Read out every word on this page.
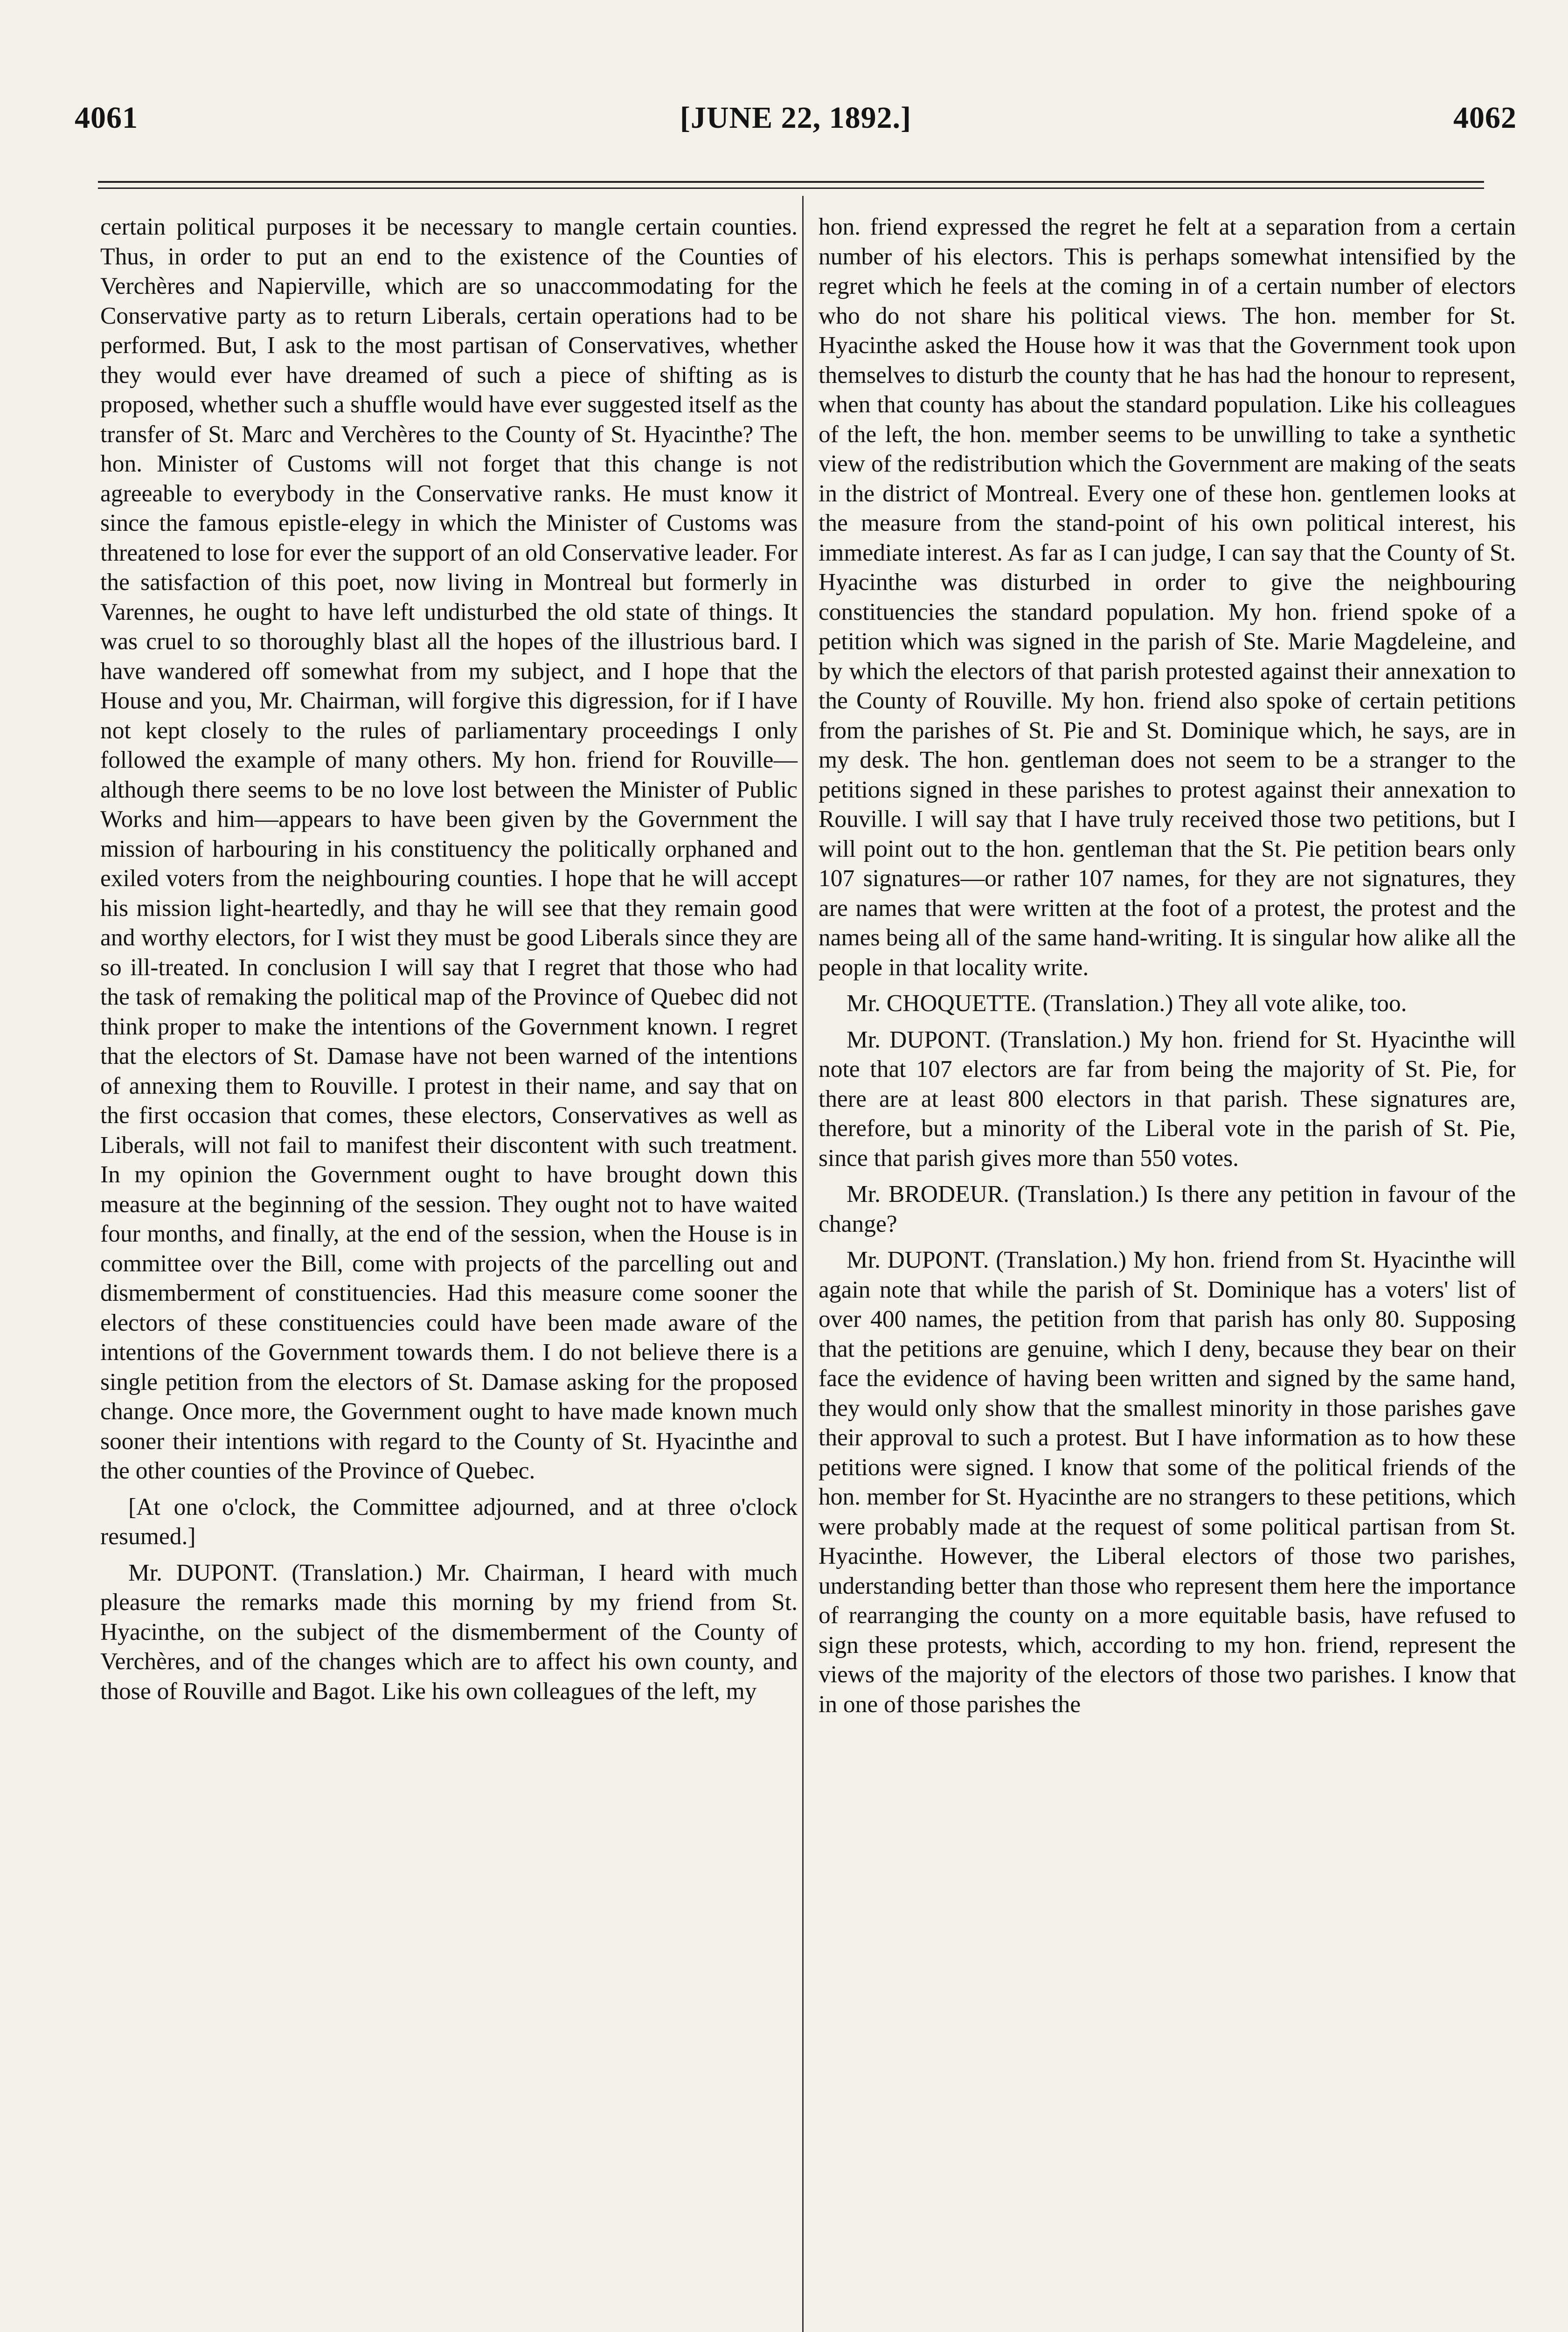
4061	[JUNE 22, 1892.]	4062

certain political purposes it be necessary to mangle certain counties. Thus, in order to put an end to the existence of the Counties of Verchères and Napierville, which are so unaccommodating for the Conservative party as to return Liberals, certain operations had to be performed. But, I ask to the most partisan of Conservatives, whether they would ever have dreamed of such a piece of shifting as is proposed, whether such a shuffle would have ever suggested itself as the transfer of St. Marc and Verchères to the County of St. Hyacinthe? The hon. Minister of Customs will not forget that this change is not agreeable to everybody in the Conservative ranks. He must know it since the famous epistle-elegy in which the Minister of Customs was threatened to lose for ever the support of an old Conservative leader. For the satisfaction of this poet, now living in Montreal but formerly in Varennes, he ought to have left undisturbed the old state of things. It was cruel to so thoroughly blast all the hopes of the illustrious bard. I have wandered off somewhat from my subject, and I hope that the House and you, Mr. Chairman, will forgive this digression, for if I have not kept closely to the rules of parliamentary proceedings I only followed the example of many others. My hon. friend for Rouville—although there seems to be no love lost between the Minister of Public Works and him—appears to have been given by the Government the mission of harbouring in his constituency the politically orphaned and exiled voters from the neighbouring counties. I hope that he will accept his mission light-heartedly, and thay he will see that they remain good and worthy electors, for I wist they must be good Liberals since they are so ill-treated. In conclusion I will say that I regret that those who had the task of remaking the political map of the Province of Quebec did not think proper to make the intentions of the Government known. I regret that the electors of St. Damase have not been warned of the intentions of annexing them to Rouville. I protest in their name, and say that on the first occasion that comes, these electors, Conservatives as well as Liberals, will not fail to manifest their discontent with such treatment. In my opinion the Government ought to have brought down this measure at the beginning of the session. They ought not to have waited four months, and finally, at the end of the session, when the House is in committee over the Bill, come with projects of the parcelling out and dismemberment of constituencies. Had this measure come sooner the electors of these constituencies could have been made aware of the intentions of the Government towards them. I do not believe there is a single petition from the electors of St. Damase asking for the proposed change. Once more, the Government ought to have made known much sooner their intentions with regard to the County of St. Hyacinthe and the other counties of the Province of Quebec.

[At one o'clock, the Committee adjourned, and at three o'clock resumed.]

Mr. DUPONT. (Translation.) Mr. Chairman, I heard with much pleasure the remarks made this morning by my friend from St. Hyacinthe, on the subject of the dismemberment of the County of Verchères, and of the changes which are to affect his own county, and those of Rouville and Bagot. Like his own colleagues of the left, my

hon. friend expressed the regret he felt at a separation from a certain number of his electors. This is perhaps somewhat intensified by the regret which he feels at the coming in of a certain number of electors who do not share his political views. The hon. member for St. Hyacinthe asked the House how it was that the Government took upon themselves to disturb the county that he has had the honour to represent, when that county has about the standard population. Like his colleagues of the left, the hon. member seems to be unwilling to take a synthetic view of the redistribution which the Government are making of the seats in the district of Montreal. Every one of these hon. gentlemen looks at the measure from the stand-point of his own political interest, his immediate interest. As far as I can judge, I can say that the County of St. Hyacinthe was disturbed in order to give the neighbouring constituencies the standard population. My hon. friend spoke of a petition which was signed in the parish of Ste. Marie Magdeleine, and by which the electors of that parish protested against their annexation to the County of Rouville. My hon. friend also spoke of certain petitions from the parishes of St. Pie and St. Dominique which, he says, are in my desk. The hon. gentleman does not seem to be a stranger to the petitions signed in these parishes to protest against their annexation to Rouville. I will say that I have truly received those two petitions, but I will point out to the hon. gentleman that the St. Pie petition bears only 107 signatures—or rather 107 names, for they are not signatures, they are names that were written at the foot of a protest, the protest and the names being all of the same hand-writing. It is singular how alike all the people in that locality write.

Mr. CHOQUETTE. (Translation.) They all vote alike, too.

Mr. DUPONT. (Translation.) My hon. friend for St. Hyacinthe will note that 107 electors are far from being the majority of St. Pie, for there are at least 800 electors in that parish. These signatures are, therefore, but a minority of the Liberal vote in the parish of St. Pie, since that parish gives more than 550 votes.

Mr. BRODEUR. (Translation.) Is there any petition in favour of the change?

Mr. DUPONT. (Translation.) My hon. friend from St. Hyacinthe will again note that while the parish of St. Dominique has a voters' list of over 400 names, the petition from that parish has only 80. Supposing that the petitions are genuine, which I deny, because they bear on their face the evidence of having been written and signed by the same hand, they would only show that the smallest minority in those parishes gave their approval to such a protest. But I have information as to how these petitions were signed. I know that some of the political friends of the hon. member for St. Hyacinthe are no strangers to these petitions, which were probably made at the request of some political partisan from St. Hyacinthe. However, the Liberal electors of those two parishes, understanding better than those who represent them here the importance of rearranging the county on a more equitable basis, have refused to sign these protests, which, according to my hon. friend, represent the views of the majority of the electors of those two parishes. I know that in one of those parishes the
